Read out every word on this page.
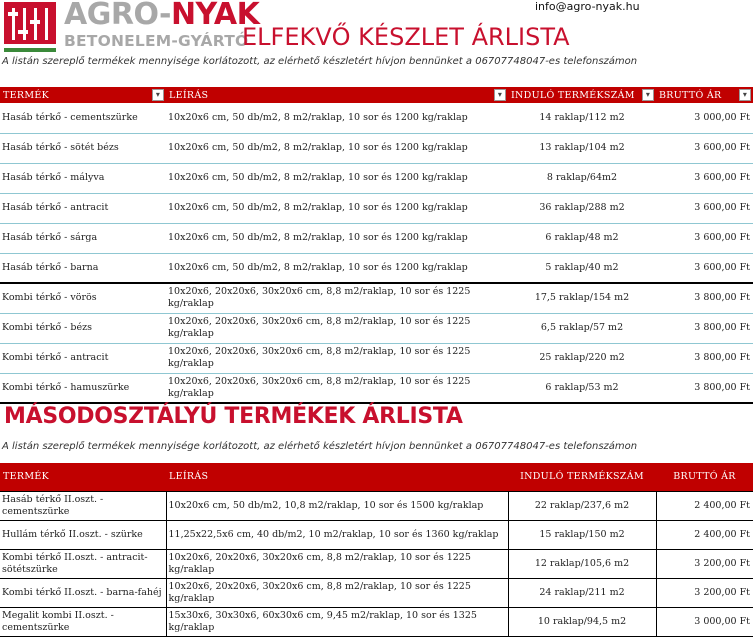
info@agro-nyak.hu
AGRO-NYAK
BETONELEM-GYÁRTÓ
ELFEKVŐ KÉSZLET ÁRLISTA
A listán szereplő termékek mennyisége korlátozott, az elérhető készletért hívjon bennünket a 06707748047-es telefonszámon
TERMÉK ▾	LEÍRÁS ▾	INDULÓ TERMÉKSZÁM ▾	BRUTTÓ ÁR ▾

Hasáb térkő - cementszürke	10x20x6 cm, 50 db/m2, 8 m2/raklap, 10 sor és 1200 kg/raklap	14 raklap/112 m2	3 000,00 Ft
Hasáb térkő - sötét bézs	10x20x6 cm, 50 db/m2, 8 m2/raklap, 10 sor és 1200 kg/raklap	13 raklap/104 m2	3 600,00 Ft
Hasáb térkő - mályva	10x20x6 cm, 50 db/m2, 8 m2/raklap, 10 sor és 1200 kg/raklap	8 raklap/64m2	3 600,00 Ft
Hasáb térkő - antracit	10x20x6 cm, 50 db/m2, 8 m2/raklap, 10 sor és 1200 kg/raklap	36 raklap/288 m2	3 600,00 Ft
Hasáb térkő - sárga	10x20x6 cm, 50 db/m2, 8 m2/raklap, 10 sor és 1200 kg/raklap	6 raklap/48 m2	3 600,00 Ft
Hasáb térkő - barna	10x20x6 cm, 50 db/m2, 8 m2/raklap, 10 sor és 1200 kg/raklap	5 raklap/40 m2	3 600,00 Ft
Kombi térkő - vörös	10x20x6, 20x20x6, 30x20x6 cm, 8,8 m2/raklap, 10 sor és 1225 kg/raklap	17,5 raklap/154 m2	3 800,00 Ft
Kombi térkő - bézs	10x20x6, 20x20x6, 30x20x6 cm, 8,8 m2/raklap, 10 sor és 1225 kg/raklap	6,5 raklap/57 m2	3 800,00 Ft
Kombi térkő - antracit	10x20x6, 20x20x6, 30x20x6 cm, 8,8 m2/raklap, 10 sor és 1225 kg/raklap	25 raklap/220 m2	3 800,00 Ft
Kombi térkő - hamuszürke	10x20x6, 20x20x6, 30x20x6 cm, 8,8 m2/raklap, 10 sor és 1225 kg/raklap	6 raklap/53 m2	3 800,00 Ft
MÁSODOSZTÁLYÚ TERMÉKEK ÁRLISTA
A listán szereplő termékek mennyisége korlátozott, az elérhető készletért hívjon bennünket a 06707748047-es telefonszámon
TERMÉK	LEÍRÁS	INDULÓ TERMÉKSZÁM	BRUTTÓ ÁR
Hasáb térkő II.oszt. - cementszürke	10x20x6 cm, 50 db/m2, 10,8 m2/raklap, 10 sor és 1500 kg/raklap	22 raklap/237,6 m2	2 400,00 Ft
Hullám térkő II.oszt. - szürke	11,25x22,5x6 cm, 40 db/m2, 10 m2/raklap, 10 sor és 1360 kg/raklap	15 raklap/150 m2	2 400,00 Ft
Kombi térkő II.oszt. - antracit-sötétszürke	10x20x6, 20x20x6, 30x20x6 cm, 8,8 m2/raklap, 10 sor és 1225 kg/raklap	12 raklap/105,6 m2	3 200,00 Ft
Kombi térkő II.oszt. - barna-fahéj	10x20x6, 20x20x6, 30x20x6 cm, 8,8 m2/raklap, 10 sor és 1225 kg/raklap	24 raklap/211 m2	3 200,00 Ft
Megalit kombi II.oszt. - cementszürke	15x30x6, 30x30x6, 60x30x6 cm, 9,45 m2/raklap, 10 sor és 1325 kg/raklap	10 raklap/94,5 m2	3 000,00 Ft
